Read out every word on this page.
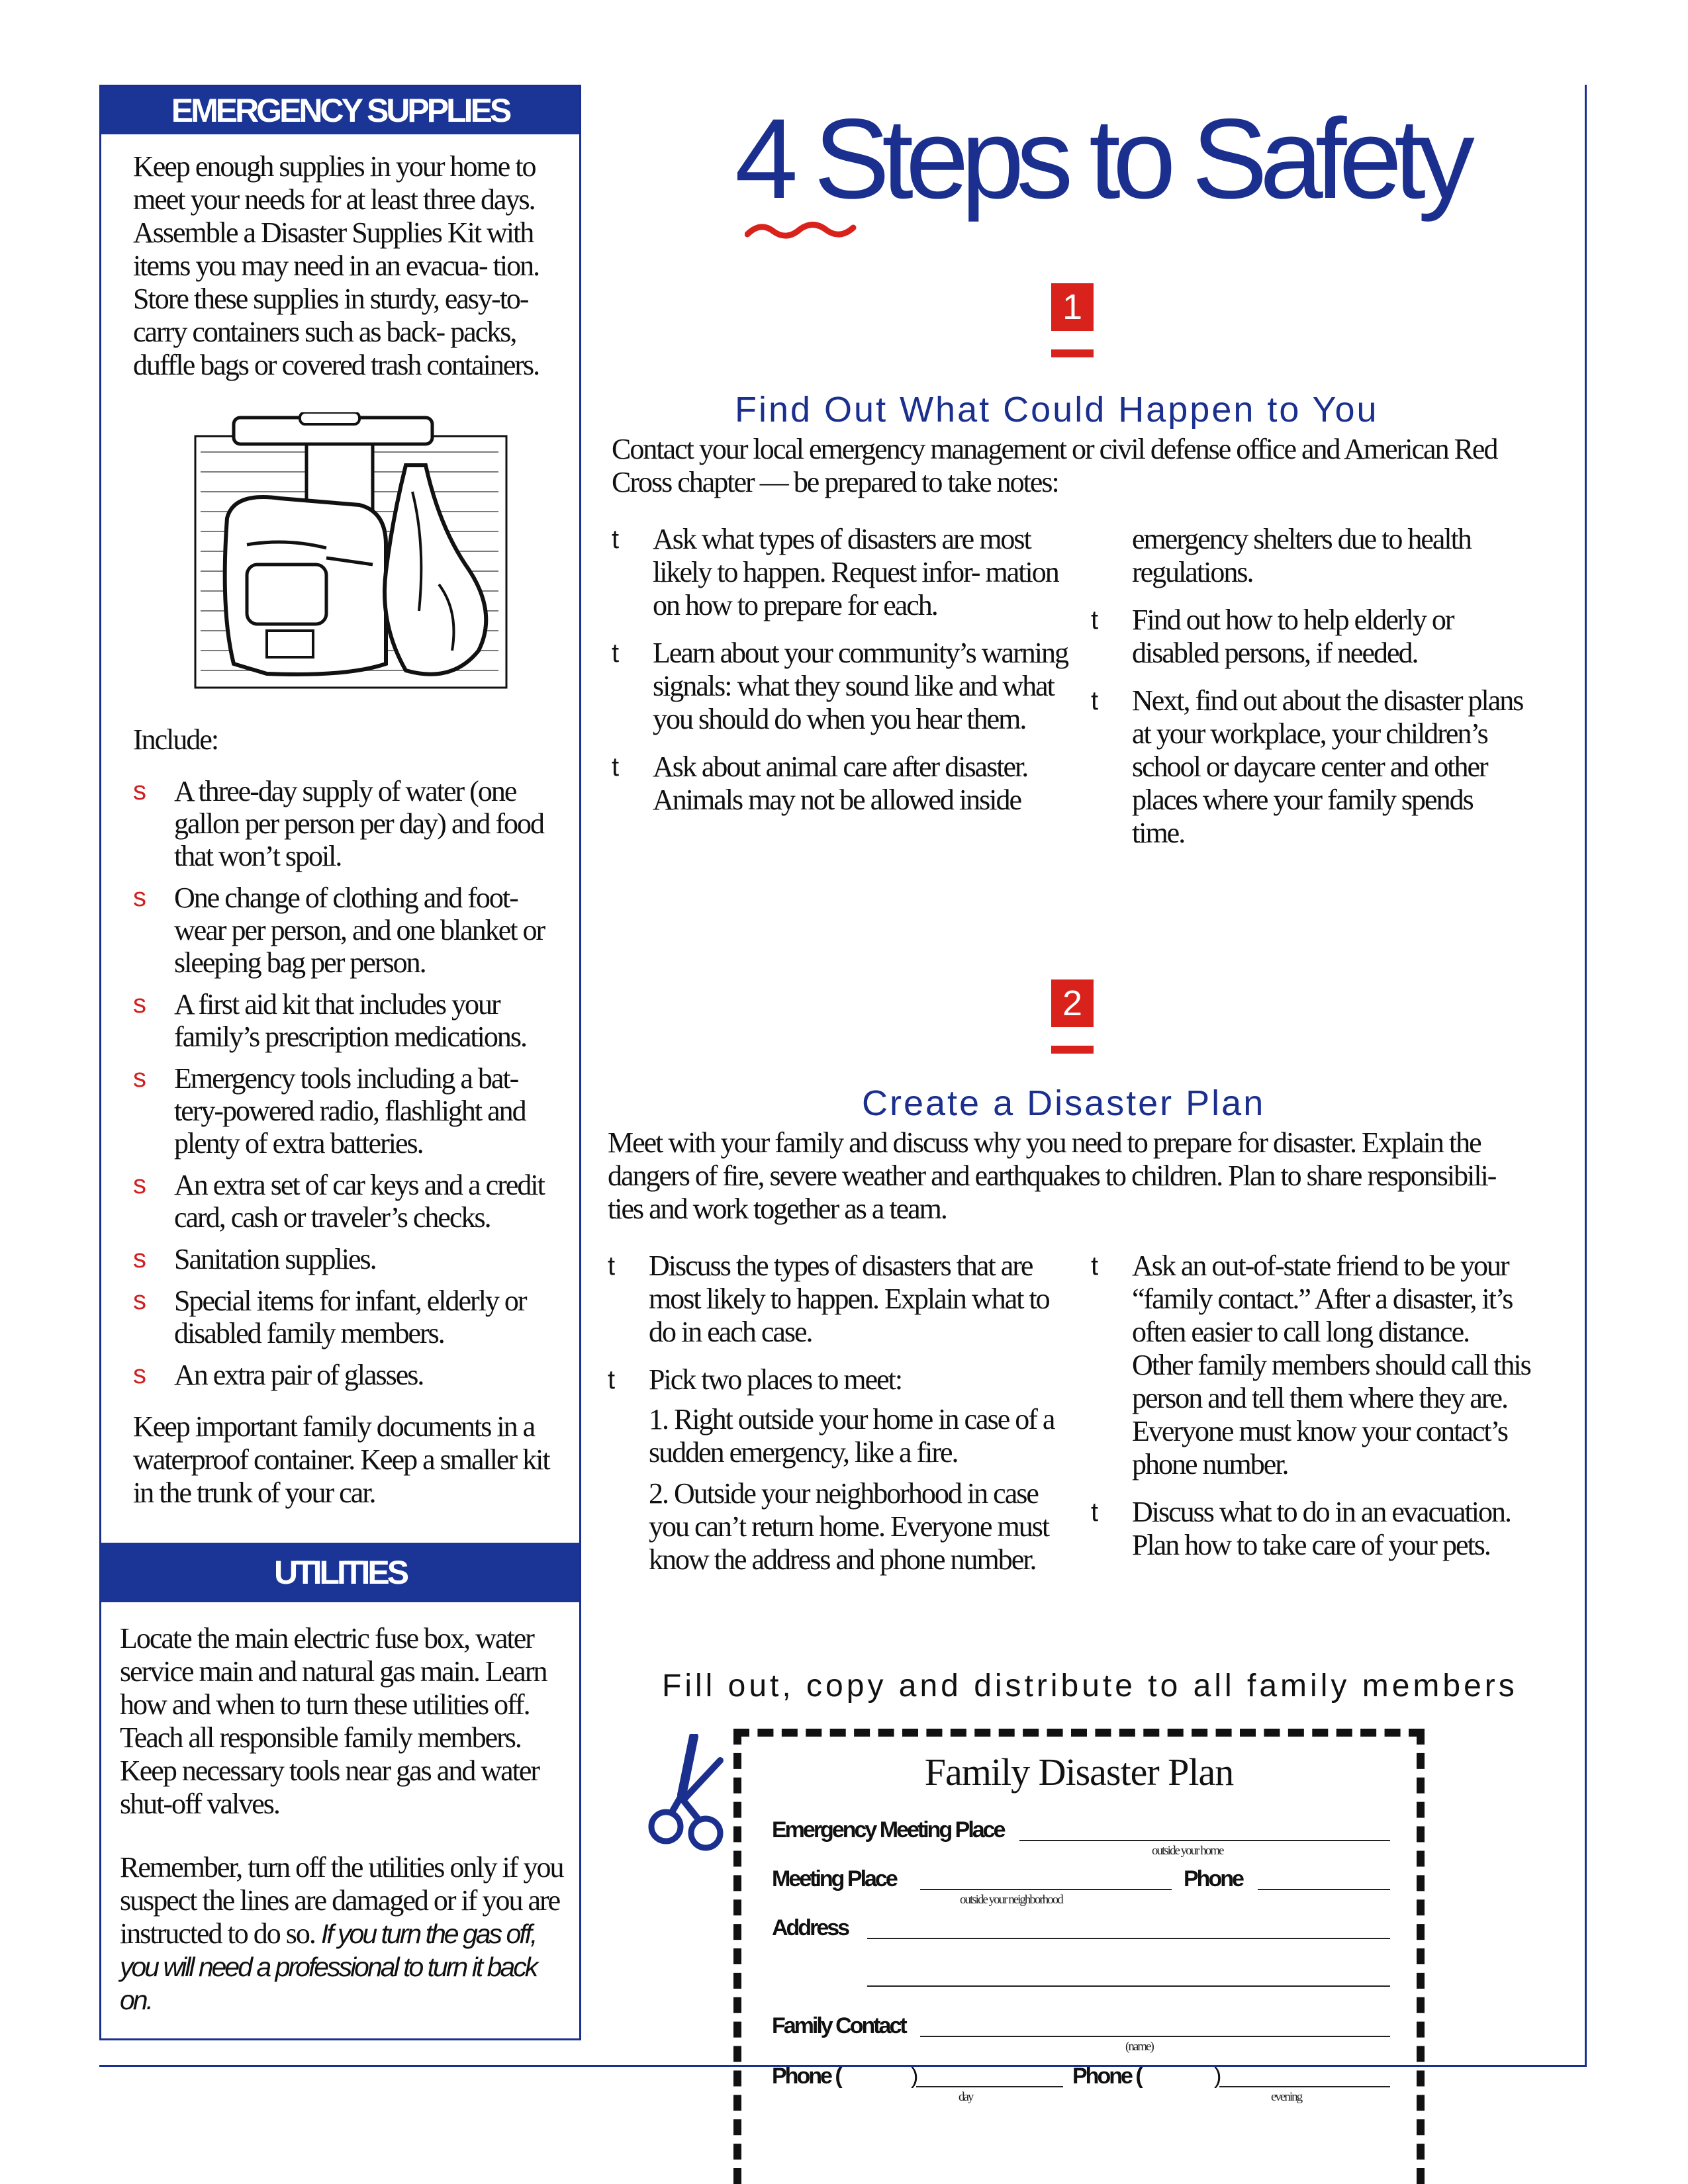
EMERGENCY SUPPLIES

Keep enough supplies in your home to meet your needs for at least three days. Assemble a Disaster Supplies Kit with items you may need in an evacua- tion. Store these supplies in sturdy, easy-to-carry containers such as back- packs, duffle bags or covered trash containers.

Include:

s A three-day supply of water (one gallon per person per day) and food that won’t spoil.
s One change of clothing and foot- wear per person, and one blanket or sleeping bag per person.
s A first aid kit that includes your family’s prescription medications.
s Emergency tools including a bat- tery-powered radio, flashlight and plenty of extra batteries.
s An extra set of car keys and a credit card, cash or traveler’s checks.
s Sanitation supplies.
s Special items for infant, elderly or disabled family members.
s An extra pair of glasses.

Keep important family documents in a waterproof container. Keep a smaller kit in the trunk of your car.

UTILITIES

Locate the main electric fuse box, water service main and natural gas main. Learn how and when to turn these utilities off. Teach all responsible family members. Keep necessary tools near gas and water shut-off valves.

Remember, turn off the utilities only if you suspect the lines are damaged or if you are instructed to do so. If you turn the gas off, you will need a professional to turn it back on.

4 Steps to Safety
1
Find Out What Could Happen to You

Contact your local emergency management or civil defense office and American Red Cross chapter — be prepared to take notes:

t Ask what types of disasters are most likely to happen. Request infor- mation on how to prepare for each.
t Learn about your community’s warning signals: what they sound like and what you should do when you hear them.
t Ask about animal care after disaster. Animals may not be allowed inside
emergency shelters due to health regulations.
t Find out how to help elderly or disabled persons, if needed.
t Next, find out about the disaster plans at your workplace, your children’s school or daycare center and other places where your family spends time.
2
Create a Disaster Plan

Meet with your family and discuss why you need to prepare for disaster. Explain the dangers of fire, severe weather and earthquakes to children. Plan to share responsibili- ties and work together as a team.

t Discuss the types of disasters that are most likely to happen. Explain what to do in each case.
t Pick two places to meet:
1. Right outside your home in case of a sudden emergency, like a fire.
2. Outside your neighborhood in case you can’t return home. Everyone must know the address and phone number.
t Ask an out-of-state friend to be your “family contact.” After a disaster, it’s often easier to call long distance. Other family members should call this person and tell them where they are. Everyone must know your contact’s phone number.
t Discuss what to do in an evacuation. Plan how to take care of your pets.
Fill out, copy and distribute to all family members
Family Disaster Plan
Emergency Meeting Place
outside your home
Meeting Place
outside your neighborhood
Phone
Address
Family Contact
(name)
Phone (	)
day
Phone (	)
evening
